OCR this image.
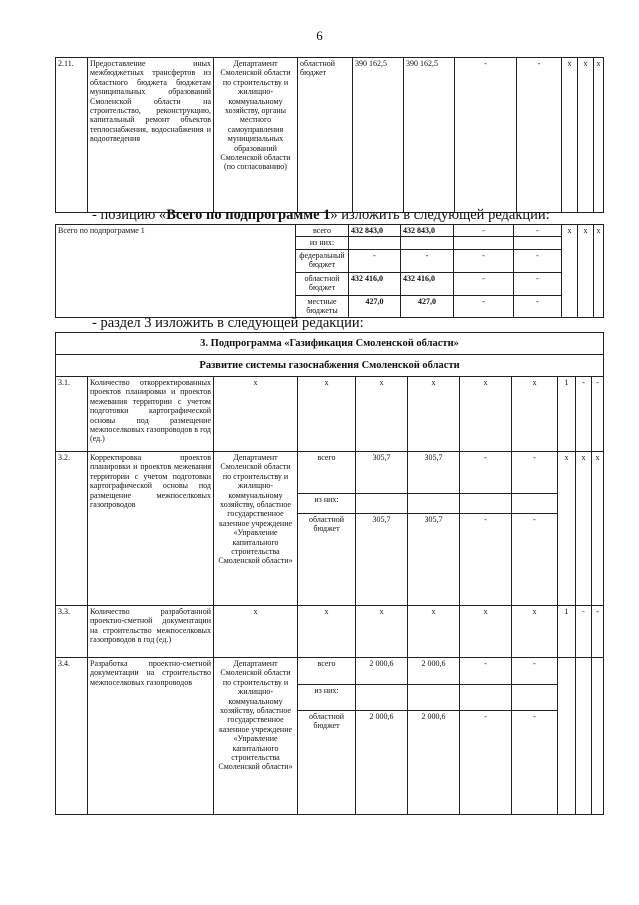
6
2.11.	Предоставление иных межбюджетных трансфертов из областного бюджета бюджетам муниципальных образований Смоленской области на строительство, реконструкцию, капитальный ремонт объектов теплоснабжения, водоснабжения и водоотведения	Департамент Смоленской области по строительству и жилищно-коммунальному хозяйству, органы местного самоуправления муниципальных образований Смоленской области (по согласованию)	областной бюджет	390 162,5	390 162,5	-	-	х	х	х
- позицию «Всего по подпрограмме 1» изложить в следующей редакции:
Всего по подпрограмме 1	всего	432 843,0	432 843,0	-	-	х	х	х
	из них:							
	федеральный бюджет	-	-	-	-			
	областной бюджет	432 416,0	432 416,0	-	-			
	местные бюджеты	427,0	427,0	-	-			
- раздел 3 изложить в следующей редакции:
3. Подпрограмма «Газификация Смоленской области»										
Развитие системы газоснабжения Смоленской области										
3.1.	Количество откорректированных проектов планировки и проектов межевания территории с учетом подготовки картографической основы под размещение межпоселковых газопроводов в год (ед.)	х	х	х	х	х	х	1	-	-
3.2.	Корректировка проектов планировки и проектов межевания территории с учетом подготовки картографической основы под размещение межпоселковых газопроводов	Департамент Смоленской области по строительству и жилищно-коммунальному хозяйству, областное государственное казенное учреждение «Управление капитального строительства Смоленской области»	всего	305,7	305,7	-	-	х	х	х
			из них:							
			областной бюджет	305,7	305,7	-	-			
3.3.	Количество разработанной проектно-сметной документации на строительство межпоселковых газопроводов в год (ед.)	х	х	х	х	х	х	1	-	-
3.4.	Разработка проектно-сметной документации на строительство межпоселковых газопроводов	Департамент Смоленской области по строительству и жилищно-коммунальному хозяйству, областное государственное казенное учреждение «Управление капитального строительства Смоленской области»	всего	2 000,6	2 000,6	-	-			
			из них:							
			областной бюджет	2 000,6	2 000,6	-	-			
